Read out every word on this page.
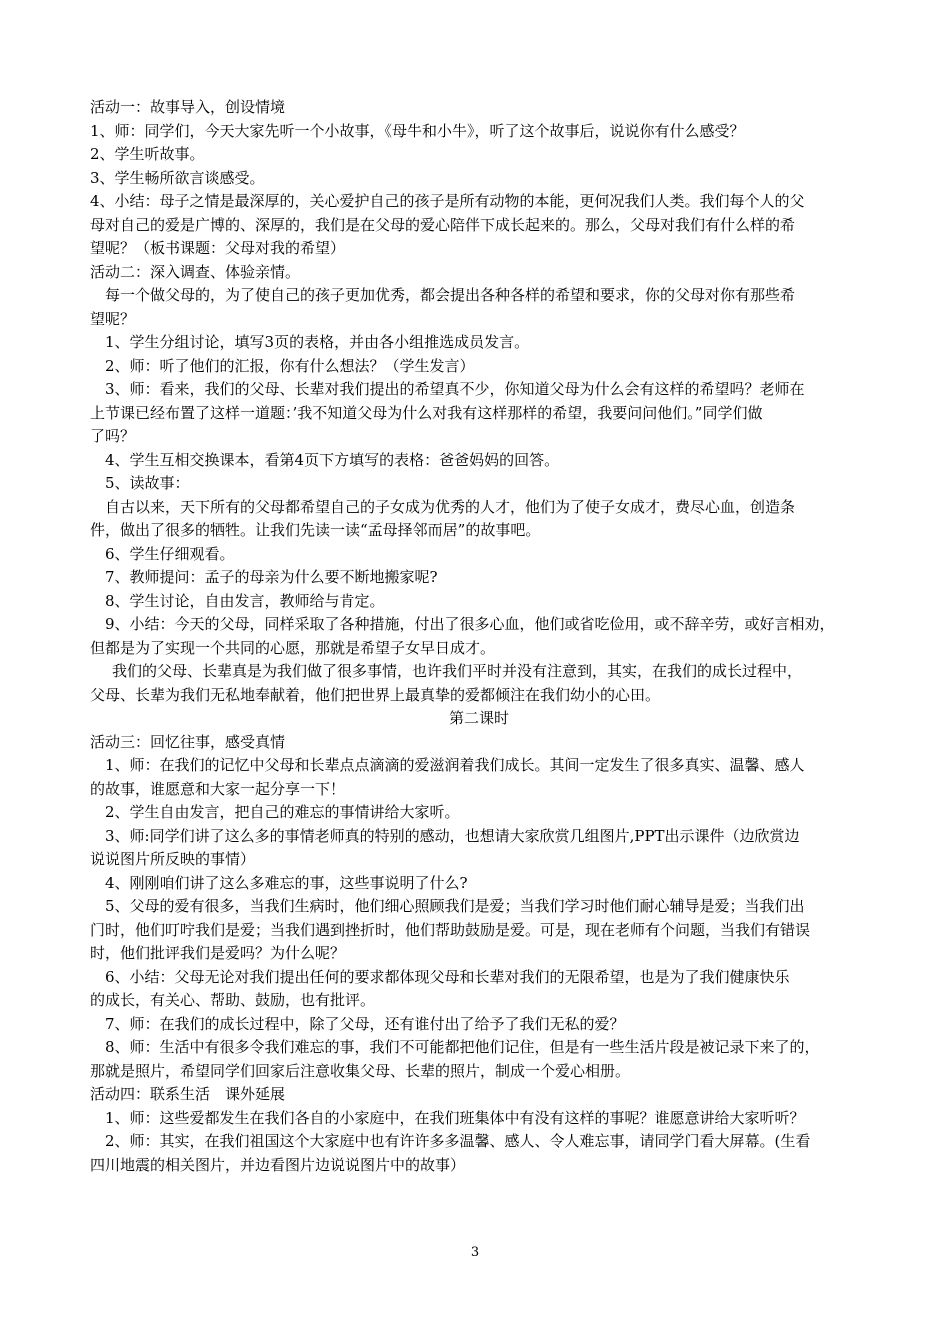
活动一：故事导入，创设情境

1、师：同学们，今天大家先听一个小故事，《母牛和小牛》，听了这个故事后，说说你有什么感受？

2、学生听故事。

3、学生畅所欲言谈感受。

4、小结：母子之情是最深厚的，关心爱护自己的孩子是所有动物的本能，更何况我们人类。我们每个人的父

母对自己的爱是广博的、深厚的，我们是在父母的爱心陪伴下成长起来的。那么，父母对我们有什么样的希

望呢？（板书课题：父母对我的希望）

活动二：深入调查、体验亲情。

每一个做父母的，为了使自己的孩子更加优秀，都会提出各种各样的希望和要求，你的父母对你有那些希

望呢？

1、学生分组讨论，填写3页的表格，并由各小组推选成员发言。

2、师：听了他们的汇报，你有什么想法？（学生发言）

3、师：看来，我们的父母、长辈对我们提出的希望真不少，你知道父母为什么会有这样的希望吗？老师在

上节课已经布置了这样一道题：’我不知道父母为什么对我有这样那样的希望，我要问问他们。”同学们做

了吗？

4、学生互相交换课本，看第4页下方填写的表格：爸爸妈妈的回答。

5、读故事：

自古以来，天下所有的父母都希望自己的子女成为优秀的人才，他们为了使子女成才，费尽心血，创造条

件，做出了很多的牺牲。让我们先读一读“孟母择邻而居”的故事吧。

6、学生仔细观看。

7、教师提问：孟子的母亲为什么要不断地搬家呢?

8、学生讨论，自由发言，教师给与肯定。

9、小结：今天的父母，同样采取了各种措施，付出了很多心血，他们或省吃俭用，或不辞辛劳，或好言相劝，

但都是为了实现一个共同的心愿，那就是希望子女早日成才。

我们的父母、长辈真是为我们做了很多事情，也许我们平时并没有注意到，其实，在我们的成长过程中，

父母、长辈为我们无私地奉献着，他们把世界上最真挚的爱都倾注在我们幼小的心田。

第二课时

活动三：回忆往事，感受真情

1、师：在我们的记忆中父母和长辈点点滴滴的爱滋润着我们成长。其间一定发生了很多真实、温馨、感人

的故事，谁愿意和大家一起分享一下！

2、学生自由发言，把自己的难忘的事情讲给大家听。

3、师:同学们讲了这么多的事情老师真的特别的感动，也想请大家欣赏几组图片,PPT出示课件（边欣赏边

说说图片所反映的事情）

4、刚刚咱们讲了这么多难忘的事，这些事说明了什么?

5、父母的爱有很多，当我们生病时，他们细心照顾我们是爱；当我们学习时他们耐心辅导是爱；当我们出

门时，他们叮咛我们是爱；当我们遇到挫折时，他们帮助鼓励是爱。可是，现在老师有个问题，当我们有错误

时，他们批评我们是爱吗？为什么呢？

6、小结：父母无论对我们提出任何的要求都体现父母和长辈对我们的无限希望，也是为了我们健康快乐

的成长，有关心、帮助、鼓励，也有批评。

7、师：在我们的成长过程中，除了父母，还有谁付出了给予了我们无私的爱？

8、师：生活中有很多令我们难忘的事，我们不可能都把他们记住，但是有一些生活片段是被记录下来了的，

那就是照片，希望同学们回家后注意收集父母、长辈的照片，制成一个爱心相册。

活动四：联系生活　课外延展

1、师：这些爱都发生在我们各自的小家庭中，在我们班集体中有没有这样的事呢？谁愿意讲给大家听听？

2、师：其实，在我们祖国这个大家庭中也有许许多多温馨、感人、令人难忘事，请同学门看大屏幕。(生看

四川地震的相关图片，并边看图片边说说图片中的故事）

3
